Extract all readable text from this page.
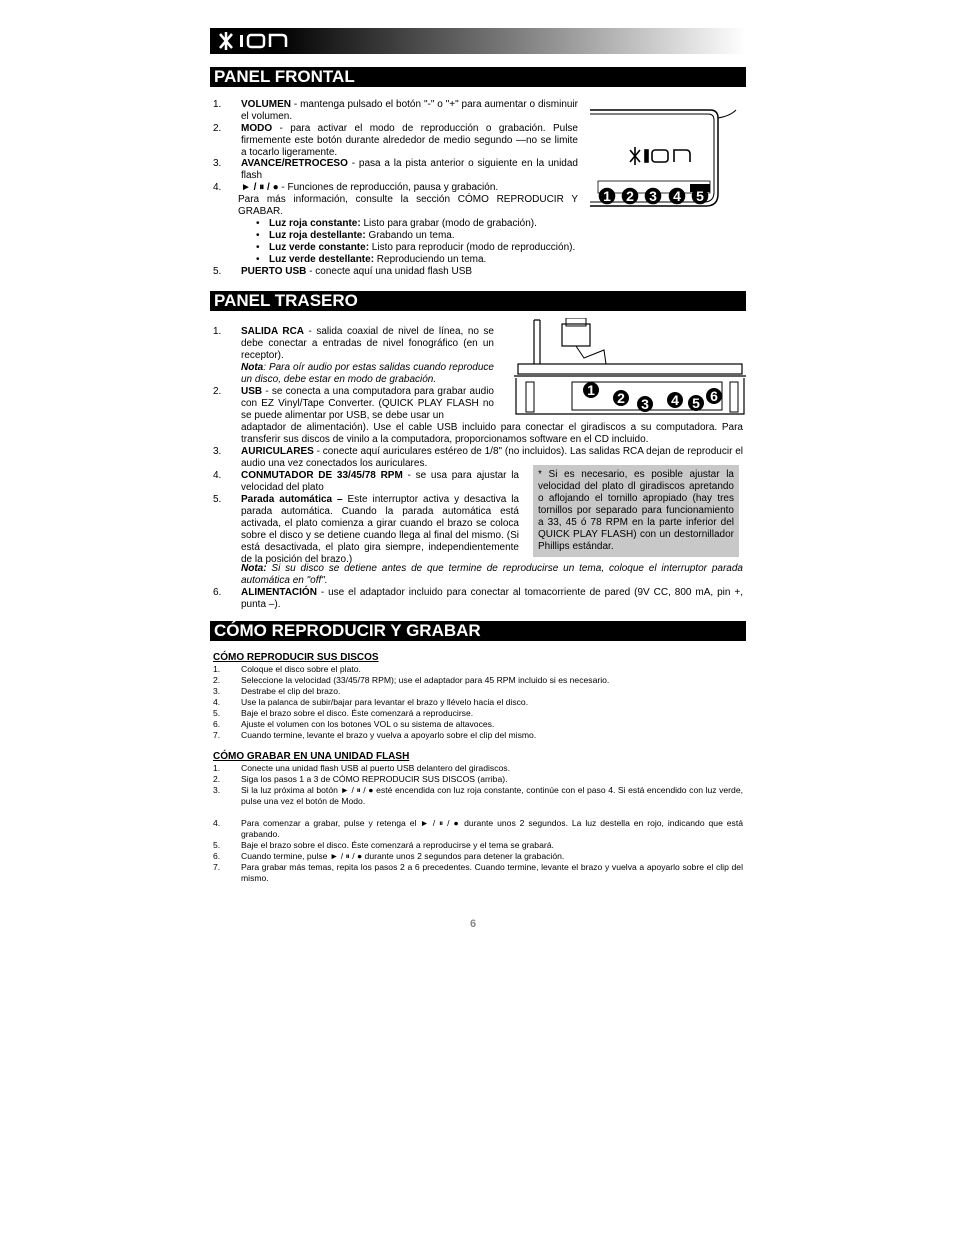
PANEL FRONTAL
1. VOLUMEN - mantenga pulsado el botón "-" o "+" para aumentar o disminuir el volumen.
2. MODO - para activar el modo de reproducción o grabación. Pulse firmemente este botón durante alrededor de medio segundo —no se limite a tocarlo ligeramente.
3. AVANCE/RETROCESO - pasa a la pista anterior o siguiente en la unidad flash
4. ► / ⏸ / ● - Funciones de reproducción, pausa y grabación.
Para más información, consulte la sección CÓMO REPRODUCIR Y GRABAR.
• Luz roja constante: Listo para grabar (modo de grabación).
• Luz roja destellante: Grabando un tema.
• Luz verde constante: Listo para reproducir (modo de reproducción).
• Luz verde destellante: Reproduciendo un tema.
5. PUERTO USB - conecte aquí una unidad flash USB
1 2 3 4 5
PANEL TRASERO
1. SALIDA RCA - salida coaxial de nivel de línea, no se debe conectar a entradas de nivel fonográfico (en un receptor).
Nota: Para oír audio por estas salidas cuando reproduce un disco, debe estar en modo de grabación.
2. USB - se conecta a una computadora para grabar audio con EZ Vinyl/Tape Converter. (QUICK PLAY FLASH no se puede alimentar por USB, se debe usar un
adaptador de alimentación). Use el cable USB incluido para conectar el giradiscos a su computadora. Para transferir sus discos de vinilo a la computadora, proporcionamos software en el CD incluido.
3. AURICULARES - conecte aquí auriculares estéreo de 1/8" (no incluidos). Las salidas RCA dejan de reproducir el audio una vez conectados los auriculares.
4. CONMUTADOR DE 33/45/78 RPM - se usa para ajustar la velocidad del plato
5. Parada automática – Este interruptor activa y desactiva la parada automática. Cuando la parada automática está activada, el plato comienza a girar cuando el brazo se coloca sobre el disco y se detiene cuando llega al final del mismo. (Si está desactivada, el plato gira siempre, independientemente de la posición del brazo.)
Nota: Si su disco se detiene antes de que termine de reproducirse un tema, coloque el interruptor parada automática en "off".
6. ALIMENTACIÓN - use el adaptador incluido para conectar al tomacorriente de pared (9V CC, 800 mA, pin +, punta –).
* Si es necesario, es posible ajustar la velocidad del plato dl giradiscos apretando o aflojando el tornillo apropiado (hay tres tornillos por separado para funcionamiento a 33, 45 ó 78 RPM en la parte inferior del QUICK PLAY FLASH) con un destornillador Phillips estándar.
1 2 3 4 5 6
CÓMO REPRODUCIR Y GRABAR
CÓMO REPRODUCIR SUS DISCOS
1. Coloque el disco sobre el plato.
2. Seleccione la velocidad (33/45/78 RPM); use el adaptador para 45 RPM incluido si es necesario.
3. Destrabe el clip del brazo.
4. Use la palanca de subir/bajar para levantar el brazo y llévelo hacia el disco.
5. Baje el brazo sobre el disco. Éste comenzará a reproducirse.
6. Ajuste el volumen con los botones VOL o su sistema de altavoces.
7. Cuando termine, levante el brazo y vuelva a apoyarlo sobre el clip del mismo.
CÓMO GRABAR EN UNA UNIDAD FLASH
1. Conecte una unidad flash USB al puerto USB delantero del giradiscos.
2. Siga los pasos 1 a 3 de CÓMO REPRODUCIR SUS DISCOS (arriba).
3. Si la luz próxima al botón ► / ⏸ / ● esté encendida con luz roja constante, continúe con el paso 4. Si está encendido con luz verde, pulse una vez el botón de Modo.
4. Para comenzar a grabar, pulse y retenga el ► / ⏸ / ● durante unos 2 segundos. La luz destella en rojo, indicando que está grabando.
5. Baje el brazo sobre el disco. Éste comenzará a reproducirse y el tema se grabará.
6. Cuando termine, pulse ► / ⏸ / ● durante unos 2 segundos para detener la grabación.
7. Para grabar más temas, repita los pasos 2 a 6 precedentes. Cuando termine, levante el brazo y vuelva a apoyarlo sobre el clip del mismo.
6
